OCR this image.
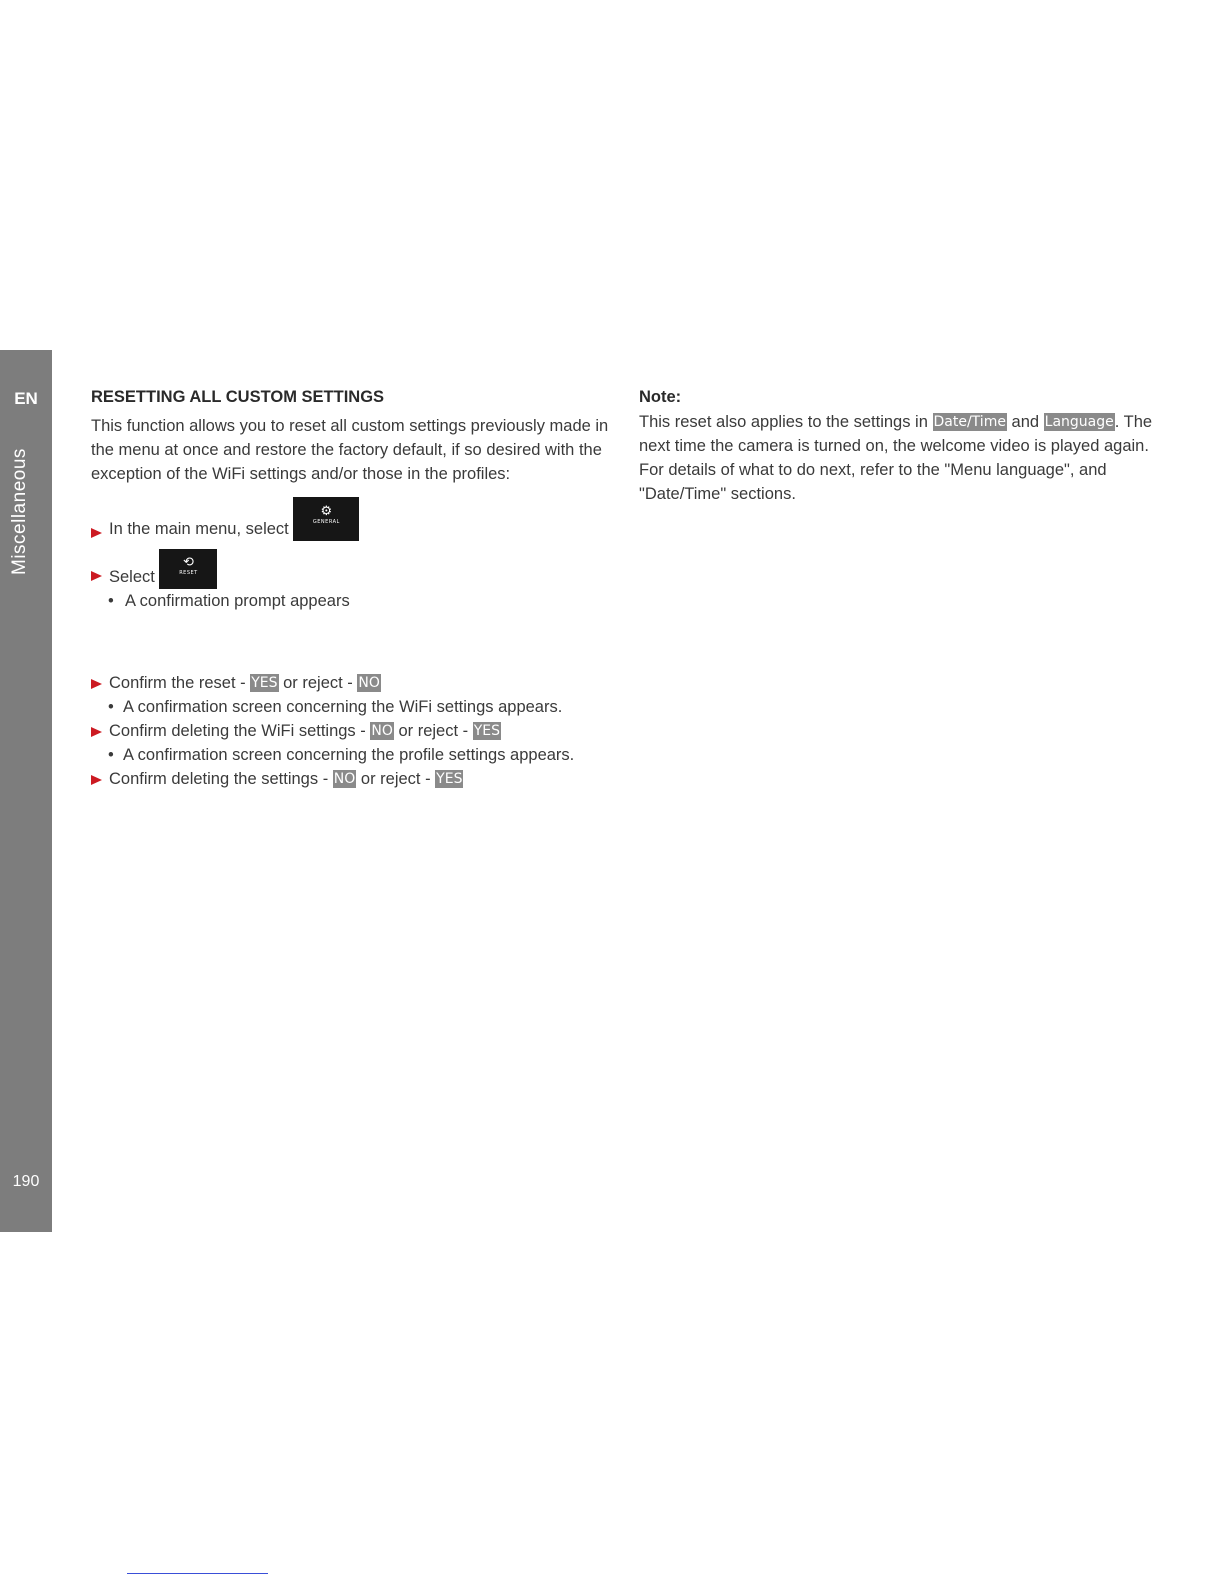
EN
Miscellaneous
190
RESETTING ALL CUSTOM SETTINGS

This function allows you to reset all custom settings previously made in the menu at once and restore the factory default, if so desired with the exception of the WiFi settings and/or those in the profiles:

In the main menu, select
⚙
GENERAL
Select
⟲
RESET
• A confirmation prompt appears
Confirm the reset - YES or reject - NO
• A confirmation screen concerning the WiFi settings appears.
Confirm deleting the WiFi settings - NO or reject - YES
• A confirmation screen concerning the profile settings appears.
Confirm deleting the settings - NO or reject - YES
Note:

This reset also applies to the settings in Date/Time and Language. The next time the camera is turned on, the welcome video is played again. For details of what to do next, refer to the "Menu language", and "Date/Time" sections.
